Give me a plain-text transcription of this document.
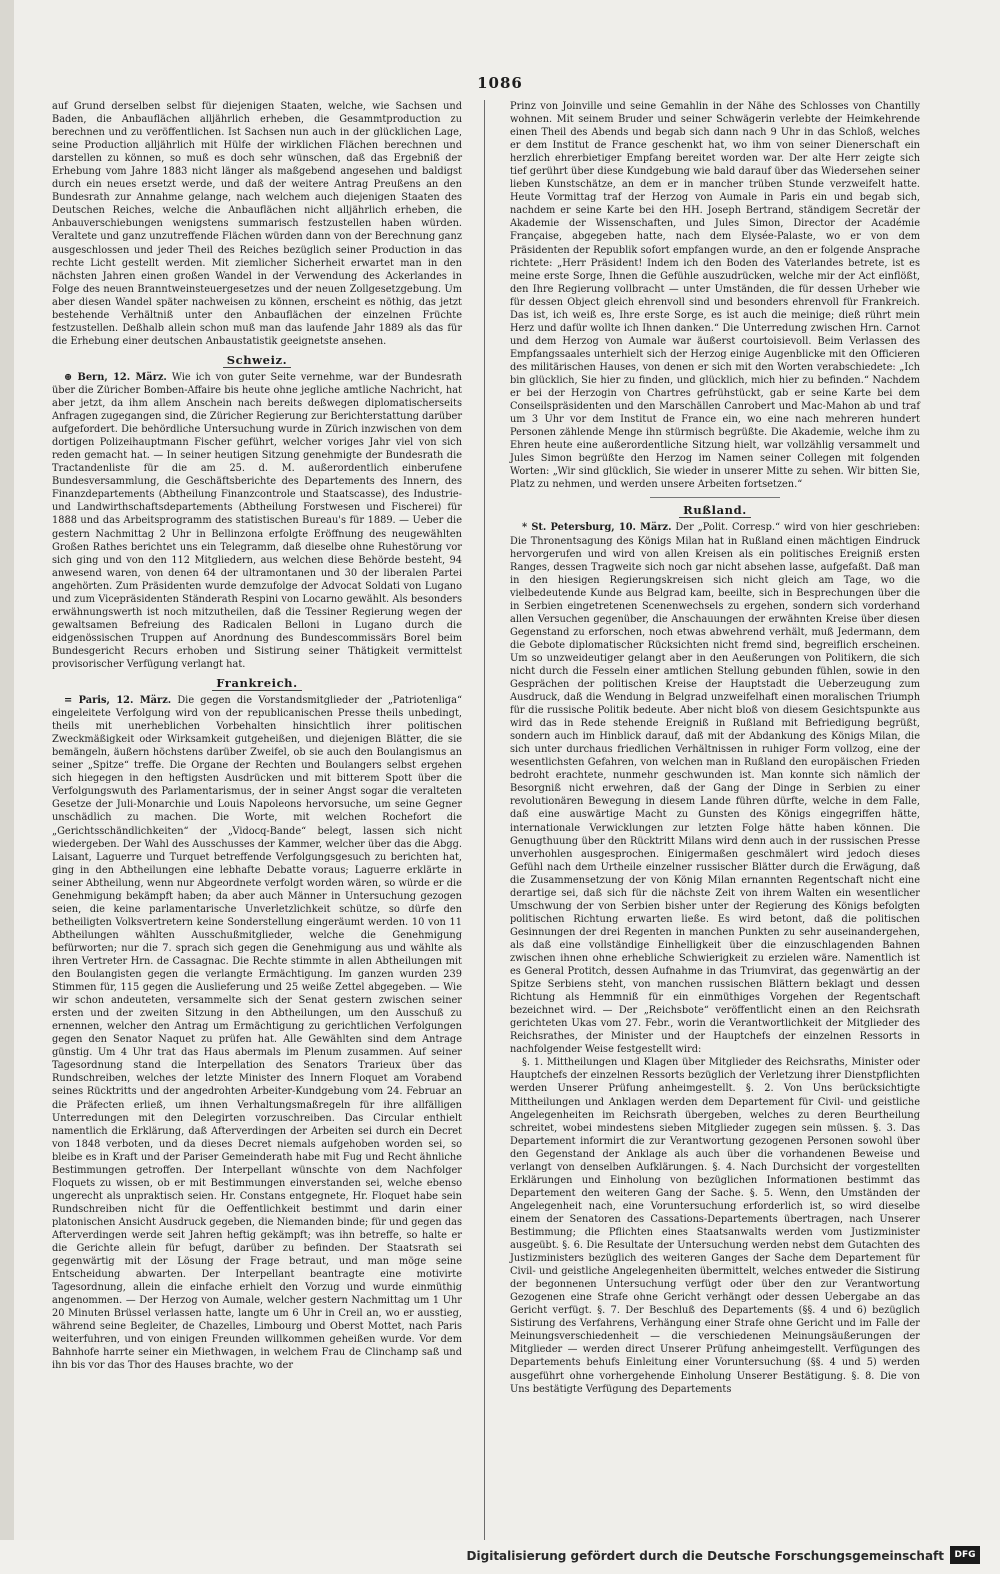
1086

auf Grund derselben selbst für diejenigen Staaten, welche, wie Sachsen und Baden, die Anbauflächen alljährlich erheben, die Gesammtproduction zu berechnen und zu veröffentlichen. Ist Sachsen nun auch in der glücklichen Lage, seine Production alljährlich mit Hülfe der wirklichen Flächen berechnen und darstellen zu können, so muß es doch sehr wünschen, daß das Ergebniß der Erhebung vom Jahre 1883 nicht länger als maßgebend angesehen und baldigst durch ein neues ersetzt werde, und daß der weitere Antrag Preußens an den Bundesrath zur Annahme gelange, nach welchem auch diejenigen Staaten des Deutschen Reiches, welche die Anbauflächen nicht alljährlich erheben, die Anbauverschiebungen wenigstens summarisch festzustellen haben würden. Veraltete und ganz unzutreffende Flächen würden dann von der Berechnung ganz ausgeschlossen und jeder Theil des Reiches bezüglich seiner Production in das rechte Licht gestellt werden. Mit ziemlicher Sicherheit erwartet man in den nächsten Jahren einen großen Wandel in der Verwendung des Ackerlandes in Folge des neuen Branntweinsteuergesetzes und der neuen Zollgesetzgebung. Um aber diesen Wandel später nachweisen zu können, erscheint es nöthig, das jetzt bestehende Verhältniß unter den Anbauflächen der einzelnen Früchte festzustellen. Deßhalb allein schon muß man das laufende Jahr 1889 als das für die Erhebung einer deutschen Anbaustatistik geeignetste ansehen.

Schweiz.

⊕ Bern, 12. März. Wie ich von guter Seite vernehme, war der Bundesrath über die Züricher Bomben-Affaire bis heute ohne jegliche amtliche Nachricht, hat aber jetzt, da ihm allem Anschein nach bereits deßwegen diplomatischerseits Anfragen zugegangen sind, die Züricher Regierung zur Berichterstattung darüber aufgefordert. Die behördliche Untersuchung wurde in Zürich inzwischen von dem dortigen Polizeihauptmann Fischer geführt, welcher voriges Jahr viel von sich reden gemacht hat. — In seiner heutigen Sitzung genehmigte der Bundesrath die Tractandenliste für die am 25. d. M. außerordentlich einberufene Bundesversammlung, die Geschäftsberichte des Departements des Innern, des Finanzdepartements (Abtheilung Finanzcontrole und Staatscasse), des Industrie- und Landwirthschaftsdepartements (Abtheilung Forstwesen und Fischerei) für 1888 und das Arbeitsprogramm des statistischen Bureau's für 1889. — Ueber die gestern Nachmittag 2 Uhr in Bellinzona erfolgte Eröffnung des neugewählten Großen Rathes berichtet uns ein Telegramm, daß dieselbe ohne Ruhestörung vor sich ging und von den 112 Mitgliedern, aus welchen diese Behörde besteht, 94 anwesend waren, von denen 64 der ultramontanen und 30 der liberalen Partei angehörten. Zum Präsidenten wurde demzufolge der Advocat Soldati von Lugano und zum Vicepräsidenten Ständerath Respini von Locarno gewählt. Als besonders erwähnungswerth ist noch mitzutheilen, daß die Tessiner Regierung wegen der gewaltsamen Befreiung des Radicalen Belloni in Lugano durch die eidgenössischen Truppen auf Anordnung des Bundescommissärs Borel beim Bundesgericht Recurs erhoben und Sistirung seiner Thätigkeit vermittelst provisorischer Verfügung verlangt hat.

Frankreich.

= Paris, 12. März. Die gegen die Vorstandsmitglieder der „Patriotenliga“ eingeleitete Verfolgung wird von der republicanischen Presse theils unbedingt, theils mit unerheblichen Vorbehalten hinsichtlich ihrer politischen Zweckmäßigkeit oder Wirksamkeit gutgeheißen, und diejenigen Blätter, die sie bemängeln, äußern höchstens darüber Zweifel, ob sie auch den Boulangismus an seiner „Spitze“ treffe. Die Organe der Rechten und Boulangers selbst ergehen sich hiegegen in den heftigsten Ausdrücken und mit bitterem Spott über die Verfolgungswuth des Parlamentarismus, der in seiner Angst sogar die veralteten Gesetze der Juli-Monarchie und Louis Napoleons hervorsuche, um seine Gegner unschädlich zu machen. Die Worte, mit welchen Rochefort die „Gerichtsschändlichkeiten“ der „Vidocq-Bande“ belegt, lassen sich nicht wiedergeben. Der Wahl des Ausschusses der Kammer, welcher über das die Abgg. Laisant, Laguerre und Turquet betreffende Verfolgungsgesuch zu berichten hat, ging in den Abtheilungen eine lebhafte Debatte voraus; Laguerre erklärte in seiner Abtheilung, wenn nur Abgeordnete verfolgt worden wären, so würde er die Genehmigung bekämpft haben; da aber auch Männer in Untersuchung gezogen seien, die keine parlamentarische Unverletzlichkeit schütze, so dürfe den betheiligten Volksvertretern keine Sonderstellung eingeräumt werden. 10 von 11 Abtheilungen wählten Ausschußmitglieder, welche die Genehmigung befürworten; nur die 7. sprach sich gegen die Genehmigung aus und wählte als ihren Vertreter Hrn. de Cassagnac. Die Rechte stimmte in allen Abtheilungen mit den Boulangisten gegen die verlangte Ermächtigung. Im ganzen wurden 239 Stimmen für, 115 gegen die Auslieferung und 25 weiße Zettel abgegeben. — Wie wir schon andeuteten, versammelte sich der Senat gestern zwischen seiner ersten und der zweiten Sitzung in den Abtheilungen, um den Ausschuß zu ernennen, welcher den Antrag um Ermächtigung zu gerichtlichen Verfolgungen gegen den Senator Naquet zu prüfen hat. Alle Gewählten sind dem Antrage günstig. Um 4 Uhr trat das Haus abermals im Plenum zusammen. Auf seiner Tagesordnung stand die Interpellation des Senators Trarieux über das Rundschreiben, welches der letzte Minister des Innern Floquet am Vorabend seines Rücktritts und der angedrohten Arbeiter-Kundgebung vom 24. Februar an die Präfecten erließ, um ihnen Verhaltungsmaßregeln für ihre allfälligen Unterredungen mit den Delegirten vorzuschreiben. Das Circular enthielt namentlich die Erklärung, daß Afterverdingen der Arbeiten sei durch ein Decret von 1848 verboten, und da dieses Decret niemals aufgehoben worden sei, so bleibe es in Kraft und der Pariser Gemeinderath habe mit Fug und Recht ähnliche Bestimmungen getroffen. Der Interpellant wünschte von dem Nachfolger Floquets zu wissen, ob er mit Bestimmungen einverstanden sei, welche ebenso ungerecht als unpraktisch seien. Hr. Constans entgegnete, Hr. Floquet habe sein Rundschreiben nicht für die Oeffentlichkeit bestimmt und darin einer platonischen Ansicht Ausdruck gegeben, die Niemanden binde; für und gegen das Afterverdingen werde seit Jahren heftig gekämpft; was ihn betreffe, so halte er die Gerichte allein für befugt, darüber zu befinden. Der Staatsrath sei gegenwärtig mit der Lösung der Frage betraut, und man möge seine Entscheidung abwarten. Der Interpellant beantragte eine motivirte Tagesordnung, allein die einfache erhielt den Vorzug und wurde einmüthig angenommen. — Der Herzog von Aumale, welcher gestern Nachmittag um 1 Uhr 20 Minuten Brüssel verlassen hatte, langte um 6 Uhr in Creil an, wo er ausstieg, während seine Begleiter, de Chazelles, Limbourg und Oberst Mottet, nach Paris weiterfuhren, und von einigen Freunden willkommen geheißen wurde. Vor dem Bahnhofe harrte seiner ein Miethwagen, in welchem Frau de Clinchamp saß und ihn bis vor das Thor des Hauses brachte, wo der

Prinz von Joinville und seine Gemahlin in der Nähe des Schlosses von Chantilly wohnen. Mit seinem Bruder und seiner Schwägerin verlebte der Heimkehrende einen Theil des Abends und begab sich dann nach 9 Uhr in das Schloß, welches er dem Institut de France geschenkt hat, wo ihm von seiner Dienerschaft ein herzlich ehrerbietiger Empfang bereitet worden war. Der alte Herr zeigte sich tief gerührt über diese Kundgebung wie bald darauf über das Wiedersehen seiner lieben Kunstschätze, an dem er in mancher trüben Stunde verzweifelt hatte. Heute Vormittag traf der Herzog von Aumale in Paris ein und begab sich, nachdem er seine Karte bei den HH. Joseph Bertrand, ständigem Secretär der Akademie der Wissenschaften, und Jules Simon, Director der Académie Française, abgegeben hatte, nach dem Elysée-Palaste, wo er von dem Präsidenten der Republik sofort empfangen wurde, an den er folgende Ansprache richtete: „Herr Präsident! Indem ich den Boden des Vaterlandes betrete, ist es meine erste Sorge, Ihnen die Gefühle auszudrücken, welche mir der Act einflößt, den Ihre Regierung vollbracht — unter Umständen, die für dessen Urheber wie für dessen Object gleich ehrenvoll sind und besonders ehrenvoll für Frankreich. Das ist, ich weiß es, Ihre erste Sorge, es ist auch die meinige; dieß rührt mein Herz und dafür wollte ich Ihnen danken.“ Die Unterredung zwischen Hrn. Carnot und dem Herzog von Aumale war äußerst courtoisievoll. Beim Verlassen des Empfangssaales unterhielt sich der Herzog einige Augenblicke mit den Officieren des militärischen Hauses, von denen er sich mit den Worten verabschiedete: „Ich bin glücklich, Sie hier zu finden, und glücklich, mich hier zu befinden.“ Nachdem er bei der Herzogin von Chartres gefrühstückt, gab er seine Karte bei dem Conseilspräsidenten und den Marschällen Canrobert und Mac-Mahon ab und traf um 3 Uhr vor dem Institut de France ein, wo eine nach mehreren hundert Personen zählende Menge ihn stürmisch begrüßte. Die Akademie, welche ihm zu Ehren heute eine außerordentliche Sitzung hielt, war vollzählig versammelt und Jules Simon begrüßte den Herzog im Namen seiner Collegen mit folgenden Worten: „Wir sind glücklich, Sie wieder in unserer Mitte zu sehen. Wir bitten Sie, Platz zu nehmen, und werden unsere Arbeiten fortsetzen.“

Rußland.

* St. Petersburg, 10. März. Der „Polit. Corresp.“ wird von hier geschrieben: Die Thronentsagung des Königs Milan hat in Rußland einen mächtigen Eindruck hervorgerufen und wird von allen Kreisen als ein politisches Ereigniß ersten Ranges, dessen Tragweite sich noch gar nicht absehen lasse, aufgefaßt. Daß man in den hiesigen Regierungskreisen sich nicht gleich am Tage, wo die vielbedeutende Kunde aus Belgrad kam, beeilte, sich in Besprechungen über die in Serbien eingetretenen Scenenwechsels zu ergehen, sondern sich vorderhand allen Versuchen gegenüber, die Anschauungen der erwähnten Kreise über diesen Gegenstand zu erforschen, noch etwas abwehrend verhält, muß Jedermann, dem die Gebote diplomatischer Rücksichten nicht fremd sind, begreiflich erscheinen. Um so unzweideutiger gelangt aber in den Aeußerungen von Politikern, die sich nicht durch die Fesseln einer amtlichen Stellung gebunden fühlen, sowie in den Gesprächen der politischen Kreise der Hauptstadt die Ueberzeugung zum Ausdruck, daß die Wendung in Belgrad unzweifelhaft einen moralischen Triumph für die russische Politik bedeute. Aber nicht bloß von diesem Gesichtspunkte aus wird das in Rede stehende Ereigniß in Rußland mit Befriedigung begrüßt, sondern auch im Hinblick darauf, daß mit der Abdankung des Königs Milan, die sich unter durchaus friedlichen Verhältnissen in ruhiger Form vollzog, eine der wesentlichsten Gefahren, von welchen man in Rußland den europäischen Frieden bedroht erachtete, nunmehr geschwunden ist. Man konnte sich nämlich der Besorgniß nicht erwehren, daß der Gang der Dinge in Serbien zu einer revolutionären Bewegung in diesem Lande führen dürfte, welche in dem Falle, daß eine auswärtige Macht zu Gunsten des Königs eingegriffen hätte, internationale Verwicklungen zur letzten Folge hätte haben können. Die Genugthuung über den Rücktritt Milans wird denn auch in der russischen Presse unverhohlen ausgesprochen. Einigermaßen geschmälert wird jedoch dieses Gefühl nach dem Urtheile einzelner russischer Blätter durch die Erwägung, daß die Zusammensetzung der von König Milan ernannten Regentschaft nicht eine derartige sei, daß sich für die nächste Zeit von ihrem Walten ein wesentlicher Umschwung der von Serbien bisher unter der Regierung des Königs befolgten politischen Richtung erwarten ließe. Es wird betont, daß die politischen Gesinnungen der drei Regenten in manchen Punkten zu sehr auseinandergehen, als daß eine vollständige Einhelligkeit über die einzuschlagenden Bahnen zwischen ihnen ohne erhebliche Schwierigkeit zu erzielen wäre. Namentlich ist es General Protitch, dessen Aufnahme in das Triumvirat, das gegenwärtig an der Spitze Serbiens steht, von manchen russischen Blättern beklagt und dessen Richtung als Hemmniß für ein einmüthiges Vorgehen der Regentschaft bezeichnet wird. — Der „Reichsbote“ veröffentlicht einen an den Reichsrath gerichteten Ukas vom 27. Febr., worin die Verantwortlichkeit der Mitglieder des Reichsrathes, der Minister und der Hauptchefs der einzelnen Ressorts in nachfolgender Weise festgestellt wird:

§. 1. Mittheilungen und Klagen über Mitglieder des Reichsraths, Minister oder Hauptchefs der einzelnen Ressorts bezüglich der Verletzung ihrer Dienstpflichten werden Unserer Prüfung anheimgestellt. §. 2. Von Uns berücksichtigte Mittheilungen und Anklagen werden dem Departement für Civil- und geistliche Angelegenheiten im Reichsrath übergeben, welches zu deren Beurtheilung schreitet, wobei mindestens sieben Mitglieder zugegen sein müssen. §. 3. Das Departement informirt die zur Verantwortung gezogenen Personen sowohl über den Gegenstand der Anklage als auch über die vorhandenen Beweise und verlangt von denselben Aufklärungen. §. 4. Nach Durchsicht der vorgestellten Erklärungen und Einholung von bezüglichen Informationen bestimmt das Departement den weiteren Gang der Sache. §. 5. Wenn, den Umständen der Angelegenheit nach, eine Voruntersuchung erforderlich ist, so wird dieselbe einem der Senatoren des Cassations-Departements übertragen, nach Unserer Bestimmung; die Pflichten eines Staatsanwalts werden vom Justizminister ausgeübt. §. 6. Die Resultate der Untersuchung werden nebst dem Gutachten des Justizministers bezüglich des weiteren Ganges der Sache dem Departement für Civil- und geistliche Angelegenheiten übermittelt, welches entweder die Sistirung der begonnenen Untersuchung verfügt oder über den zur Verantwortung Gezogenen eine Strafe ohne Gericht verhängt oder dessen Uebergabe an das Gericht verfügt. §. 7. Der Beschluß des Departements (§§. 4 und 6) bezüglich Sistirung des Verfahrens, Verhängung einer Strafe ohne Gericht und im Falle der Meinungsverschiedenheit — die verschiedenen Meinungsäußerungen der Mitglieder — werden direct Unserer Prüfung anheimgestellt. Verfügungen des Departements behufs Einleitung einer Voruntersuchung (§§. 4 und 5) werden ausgeführt ohne vorhergehende Einholung Unserer Bestätigung. §. 8. Die von Uns bestätigte Verfügung des Departements

Digitalisierung gefördert durch die Deutsche Forschungsgemeinschaft	DFG
